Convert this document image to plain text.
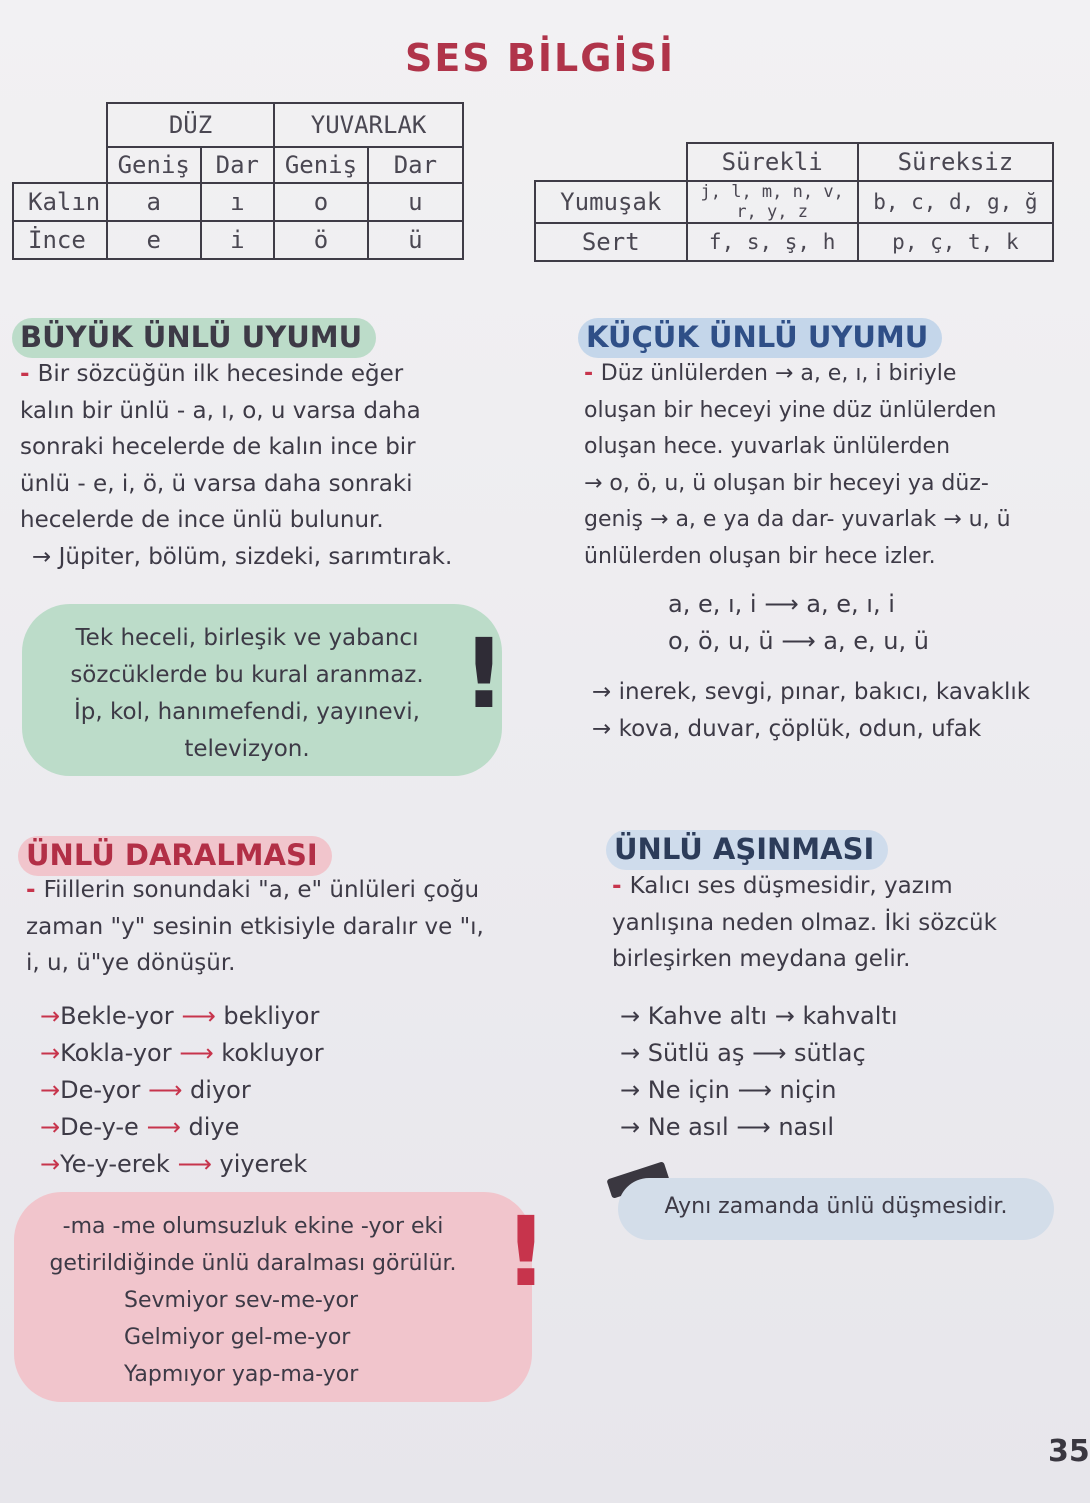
SES BİLGİSİ
	DÜZ		YUVARLAK	
	Geniş	Dar	Geniş	Dar
Kalın	a	ı	o	u
İnce	e	i	ö	ü
	Sürekli	Süreksiz
Yumuşak	j, l, m, n, v, r, y, z	b, c, d, g, ğ
Sert	f, s, ş, h	p, ç, t, k
BÜYÜK ÜNLÜ UYUMU
- Bir sözcüğün ilk hecesinde eğer
kalın bir ünlü - a, ı, o, u varsa daha
sonraki hecelerde de kalın ince bir
ünlü - e, i, ö, ü varsa daha sonraki
hecelerde de ince ünlü bulunur.
→ Jüpiter, bölüm, sizdeki, sarımtırak.
Tek heceli, birleşik ve yabancı
sözcüklerde bu kural aranmaz.
İp, kol, hanımefendi, yayınevi,
televizyon.
!
KÜÇÜK ÜNLÜ UYUMU
- Düz ünlülerden → a, e, ı, i biriyle
oluşan bir heceyi yine düz ünlülerden
oluşan hece. yuvarlak ünlülerden
→ o, ö, u, ü oluşan bir heceyi ya düz-
geniş → a, e ya da dar- yuvarlak → u, ü
ünlülerden oluşan bir hece izler.
a, e, ı, i ⟶ a, e, ı, i
o, ö, u, ü ⟶ a, e, u, ü
→ inerek, sevgi, pınar, bakıcı, kavaklık
→ kova, duvar, çöplük, odun, ufak
ÜNLÜ DARALMASI
- Fiillerin sonundaki "a, e" ünlüleri çoğu
zaman "y" sesinin etkisiyle daralır ve "ı,
i, u, ü"ye dönüşür.
→Bekle-yor ⟶ bekliyor
→Kokla-yor ⟶ kokluyor
→De-yor ⟶ diyor
→De-y-e ⟶ diye
→Ye-y-erek ⟶ yiyerek
-ma -me olumsuzluk ekine -yor eki
getirildiğinde ünlü daralması görülür.
Sevmiyor sev-me-yor
Gelmiyor gel-me-yor
Yapmıyor yap-ma-yor
!
ÜNLÜ AŞINMASI
- Kalıcı ses düşmesidir, yazım
yanlışına neden olmaz. İki sözcük
birleşirken meydana gelir.
→ Kahve altı → kahvaltı
→ Sütlü aş ⟶ sütlaç
→ Ne için ⟶ niçin
→ Ne asıl ⟶ nasıl
Aynı zamanda ünlü düşmesidir.
35
